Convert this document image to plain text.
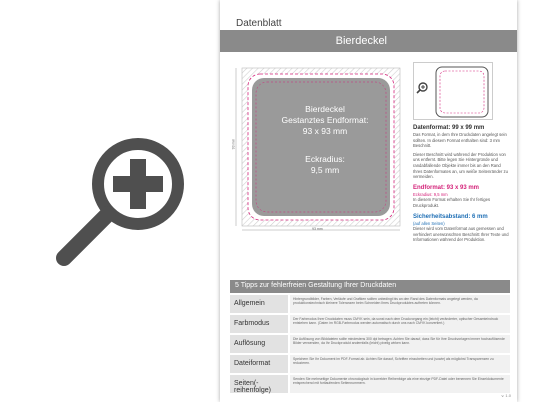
Datenblatt
Bierdeckel
Bierdeckel
Gestanztes Endformat:
93 x 93 mm
Eckradius:
9,5 mm
93 mm
93 mm
Datenformat: 99 x 99 mm
Das Format, in dem Ihre Druckdaten angelegt sein sollten. In diesem Format enthalten sind: 3 mm Beschnitt.
Dieser Beschnitt wird während der Produktion von uns entfernt. Bitte legen Sie Hintergründe und randabfallende Objekte immer bis an den Rand Ihres Datenformates an, um weiße Seitenränder zu vermeiden.
Endformat: 93 x 93 mm
Eckradius: 9,5 mm
In diesem Format erhalten Sie Ihr fertiges Druckprodukt.
Sicherheitsabstand: 6 mm
(auf allen Seiten)
Dieser wird vom Datenformat aus gemessen und verhindert unerwünschten Beschnitt Ihrer Texte und Informationen während der Produktion.
5 Tipps zur fehlerfreien Gestaltung Ihrer Druckdaten
Allgemein
Hintergrundbilder, Farben, Verläufe und Grafiken sollten unbedingt bis an den Rand des Datenformats angelegt werden, da produktionstechnisch kleinere Toleranzen beim Schneiden Ihres Druckproduktes auftreten können.
Farbmodus
Der Farbmodus Ihrer Druckdaten muss CMYK sein, da sonst nach dem Druckvorgang ein (leicht) veränderter, optischer Gesamteindruck entstehen kann. (Daten im RGB-Farbmodus werden automatisch durch uns nach CMYK konvertiert.)
Auflösung
Die Auflösung von Bilddateien sollte mindestens 300 dpi betragen. Achten Sie darauf, dass Sie für Ihre Druckvorlagen immer hochauflösende Bilder verwenden, da Ihr Druckprodukt andernfalls (leicht) pixelig wirken kann.
Dateiformat
Speichern Sie Ihr Dokument im PDF-Format ab. Achten Sie darauf, Schriften einzubetten und (sowie) als möglichst Transparenzen zu reduzieren.
Seiten(-reihenfolge)
Senden Sie mehrseitige Dokumente chronologisch in korrekter Reihenfolge als eine einzige PDF-Datei oder benennen Sie Einzeldokumente entsprechend mit fortlaufenden Seitennummern.
v. 1.0
